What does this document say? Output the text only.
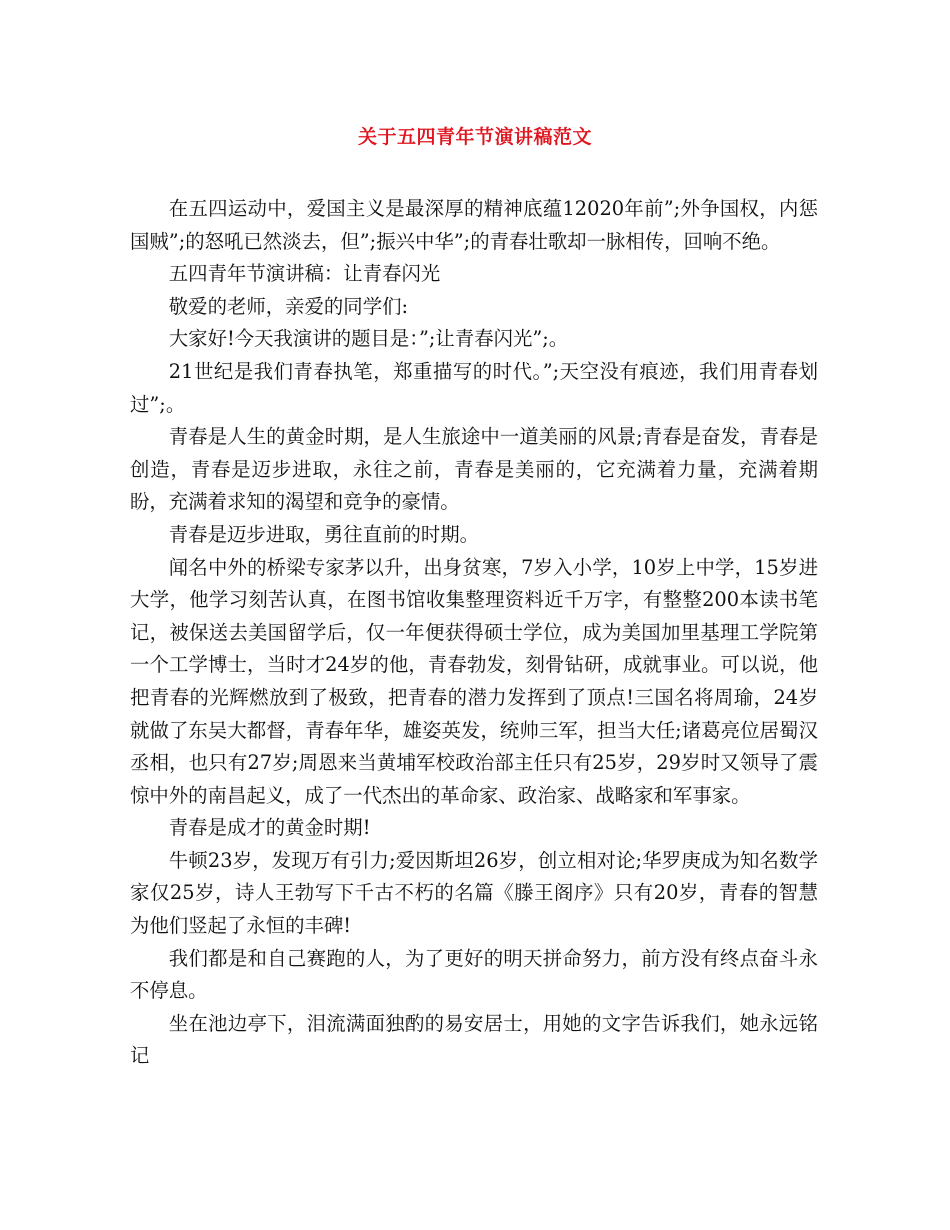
关于五四青年节演讲稿范文

在五四运动中，爱国主义是最深厚的精神底蕴12020年前”;外争国权，内惩国贼”;的怒吼已然淡去，但”;振兴中华”;的青春壮歌却一脉相传，回响不绝。

五四青年节演讲稿：让青春闪光

敬爱的老师，亲爱的同学们:

大家好!今天我演讲的题目是：”;让青春闪光”;。

21世纪是我们青春执笔，郑重描写的时代。”;天空没有痕迹，我们用青春划过”;。

青春是人生的黄金时期，是人生旅途中一道美丽的风景;青春是奋发，青春是创造，青春是迈步进取，永往之前，青春是美丽的，它充满着力量，充满着期盼，充满着求知的渴望和竞争的豪情。

青春是迈步进取，勇往直前的时期。

闻名中外的桥梁专家茅以升，出身贫寒，7岁入小学，10岁上中学，15岁进大学，他学习刻苦认真，在图书馆收集整理资料近千万字，有整整200本读书笔记，被保送去美国留学后，仅一年便获得硕士学位，成为美国加里基理工学院第一个工学博士，当时才24岁的他，青春勃发，刻骨钻研，成就事业。可以说，他把青春的光辉燃放到了极致，把青春的潜力发挥到了顶点!三国名将周瑜，24岁就做了东吴大都督，青春年华，雄姿英发，统帅三军，担当大任;诸葛亮位居蜀汉丞相，也只有27岁;周恩来当黄埔军校政治部主任只有25岁，29岁时又领导了震惊中外的南昌起义，成了一代杰出的革命家、政治家、战略家和军事家。

青春是成才的黄金时期!

牛顿23岁，发现万有引力;爱因斯坦26岁，创立相对论;华罗庚成为知名数学家仅25岁，诗人王勃写下千古不朽的名篇《滕王阁序》只有20岁，青春的智慧为他们竖起了永恒的丰碑!

我们都是和自己赛跑的人，为了更好的明天拼命努力，前方没有终点奋斗永不停息。

坐在池边亭下，泪流满面独酌的易安居士，用她的文字告诉我们，她永远铭记
